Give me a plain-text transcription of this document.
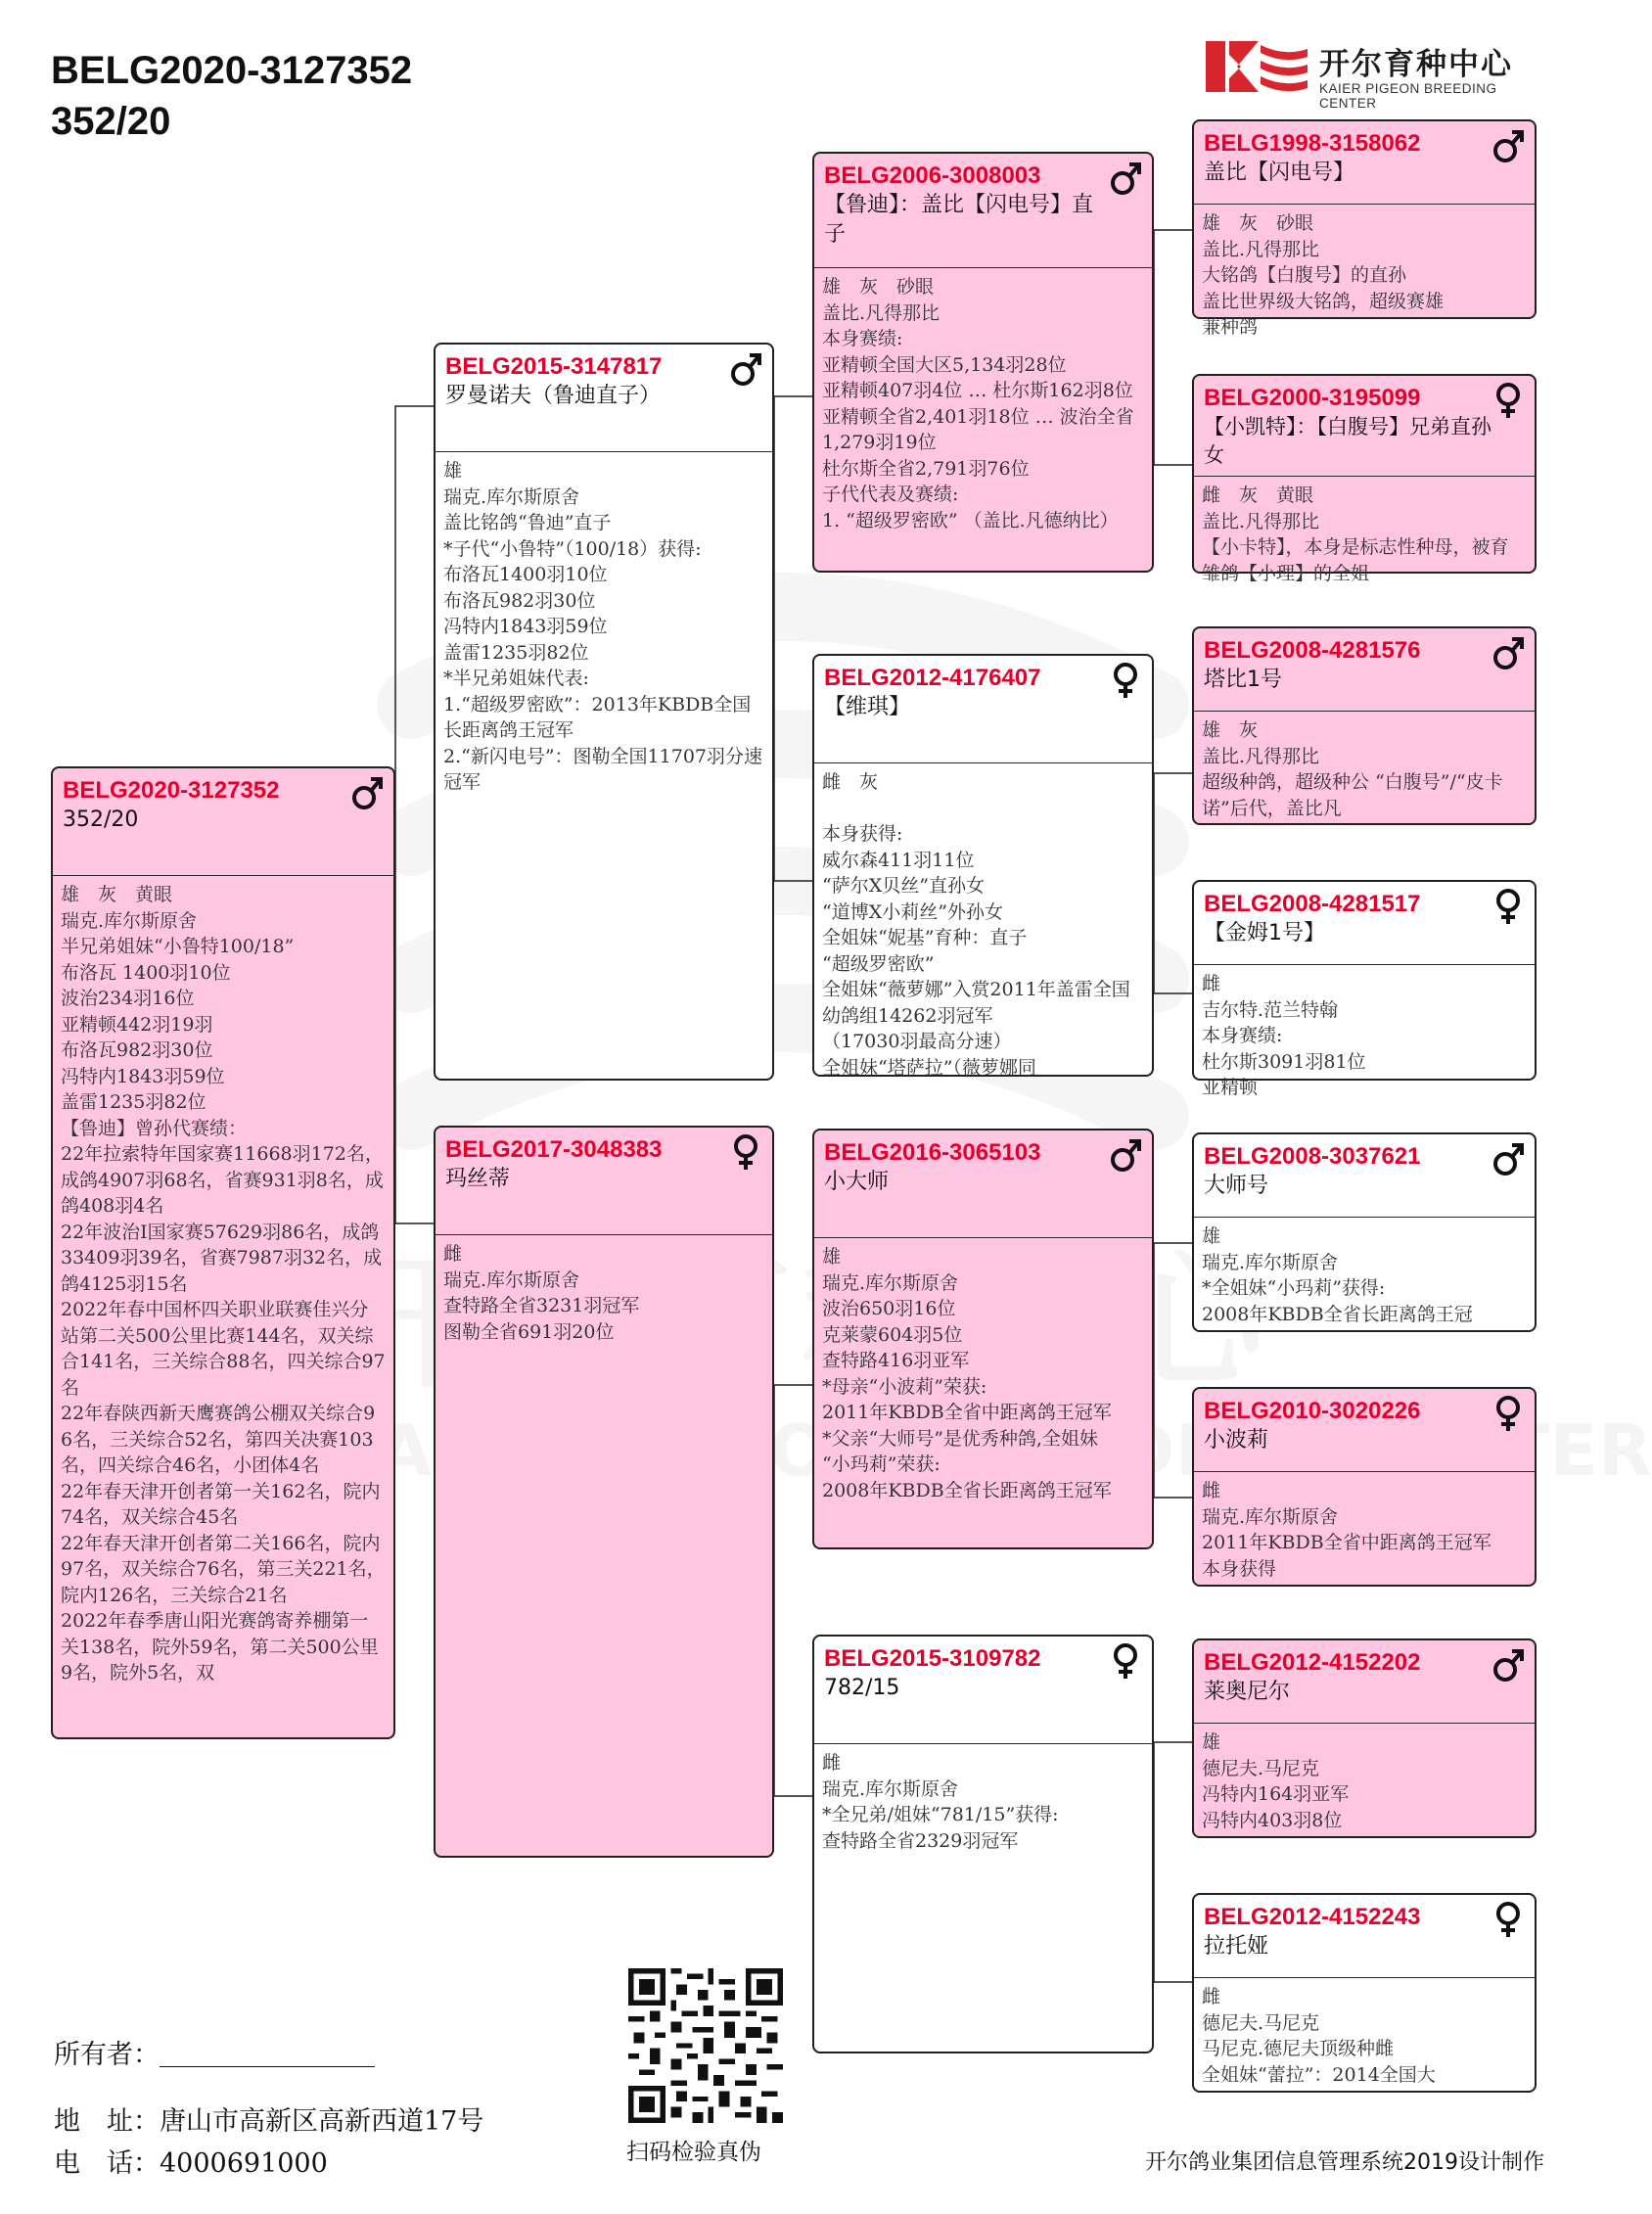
BELG2020-3127352
352/20
开尔育种中心
KAIER PIGEON BREEDING CENTER
BELG2020-3127352
352/20
雄　灰　黄眼
瑞克.库尔斯原舍
半兄弟姐妹“小鲁特100/18”
布洛瓦 1400羽10位
波治234羽16位
亚精顿442羽19羽
布洛瓦982羽30位
冯特内1843羽59位
盖雷1235羽82位
【鲁迪】曾孙代赛绩：
22年拉索特年国家赛11668羽172名，成鸽4907羽68名，省赛931羽8名，成鸽408羽4名
22年波治I国家赛57629羽86名，成鸽33409羽39名，省赛7987羽32名，成鸽4125羽15名
2022年春中国杯四关职业联赛佳兴分站第二关500公里比赛144名，双关综合141名，三关综合88名，四关综合97名
22年春陕西新天鹰赛鸽公棚双关综合96名，三关综合52名，第四关决赛103名，四关综合46名，小团体4名
22年春天津开创者第一关162名，院内74名，双关综合45名
22年春天津开创者第二关166名，院内97名，双关综合76名，第三关221名，院内126名，三关综合21名
2022年春季唐山阳光赛鸽寄养棚第一关138名，院外59名，第二关500公里9名，院外5名，双
BELG2015-3147817
罗曼诺夫（鲁迪直子）
雄
瑞克.库尔斯原舍
盖比铭鸽“鲁迪”直子
*子代“小鲁特”（100/18）获得:
布洛瓦1400羽10位
布洛瓦982羽30位
冯特内1843羽59位
盖雷1235羽82位
*半兄弟姐妹代表:
1.“超级罗密欧”：2013年KBDB全国长距离鸽王冠军
2.“新闪电号”：图勒全国11707羽分速冠军
BELG2017-3048383
玛丝蒂
雌
瑞克.库尔斯原舍
查特路全省3231羽冠军
图勒全省691羽20位
BELG2006-3008003
【鲁迪】：盖比【闪电号】直子
雄　灰　砂眼
盖比.凡得那比
本身赛绩:
亚精顿全国大区5,134羽28位
亚精顿407羽4位 … 杜尔斯162羽8位
亚精顿全省2,401羽18位 … 波治全省1,279羽19位
杜尔斯全省2,791羽76位
子代代表及赛绩:
1. “超级罗密欧” （盖比.凡德纳比）
BELG2012-4176407
【维琪】
雌　灰
本身获得:
威尔森411羽11位
“萨尔X贝丝”直孙女
“道博X小莉丝”外孙女
全姐妹“妮基”育种：直子
“超级罗密欧”
全姐妹“薇萝娜”入赏2011年盖雷全国幼鸽组14262羽冠军
（17030羽最高分速）
全姐妹“塔萨拉”（薇萝娜同
BELG2016-3065103
小大师
雄
瑞克.库尔斯原舍
波治650羽16位
克莱蒙604羽5位
查特路416羽亚军
*母亲“小波莉”荣获:
2011年KBDB全省中距离鸽王冠军
*父亲“大师号”是优秀种鸽,全姐妹
“小玛莉”荣获:
2008年KBDB全省长距离鸽王冠军
BELG2015-3109782
782/15
雌
瑞克.库尔斯原舍
*全兄弟/姐妹“781/15”获得:
查特路全省2329羽冠军
BELG1998-3158062
盖比【闪电号】
雄　灰　砂眼
盖比.凡得那比
大铭鸽【白腹号】的直孙
盖比世界级大铭鸽，超级赛雄
兼种鸽
BELG2000-3195099
【小凯特】：【白腹号】兄弟直孙女
雌　灰　黄眼
盖比.凡得那比
【小卡特】，本身是标志性种母，被育雏鸽【小理】的全姐
BELG2008-4281576
塔比1号
雄　灰
盖比.凡得那比
超级种鸽，超级种公 “白腹号”/“皮卡诺”后代，盖比凡
BELG2008-4281517
【金姆1号】
雌
吉尔特.范兰特翰
本身赛绩:
杜尔斯3091羽81位
亚精顿
BELG2008-3037621
大师号
雄
瑞克.库尔斯原舍
*全姐妹“小玛莉”获得:
2008年KBDB全省长距离鸽王冠
BELG2010-3020226
小波莉
雌
瑞克.库尔斯原舍
2011年KBDB全省中距离鸽王冠军
本身获得
BELG2012-4152202
莱奥尼尔
雄
德尼夫.马尼克
冯特内164羽亚军
冯特内403羽8位
BELG2012-4152243
拉托娅
雌
德尼夫.马尼克
马尼克.德尼夫顶级种雌
全姐妹“蕾拉”：2014全国大
所有者：
地　址：唐山市高新区高新西道17号
电　话：4000691000	扫码检验真伪	开尔鸽业集团信息管理系统2019设计制作
